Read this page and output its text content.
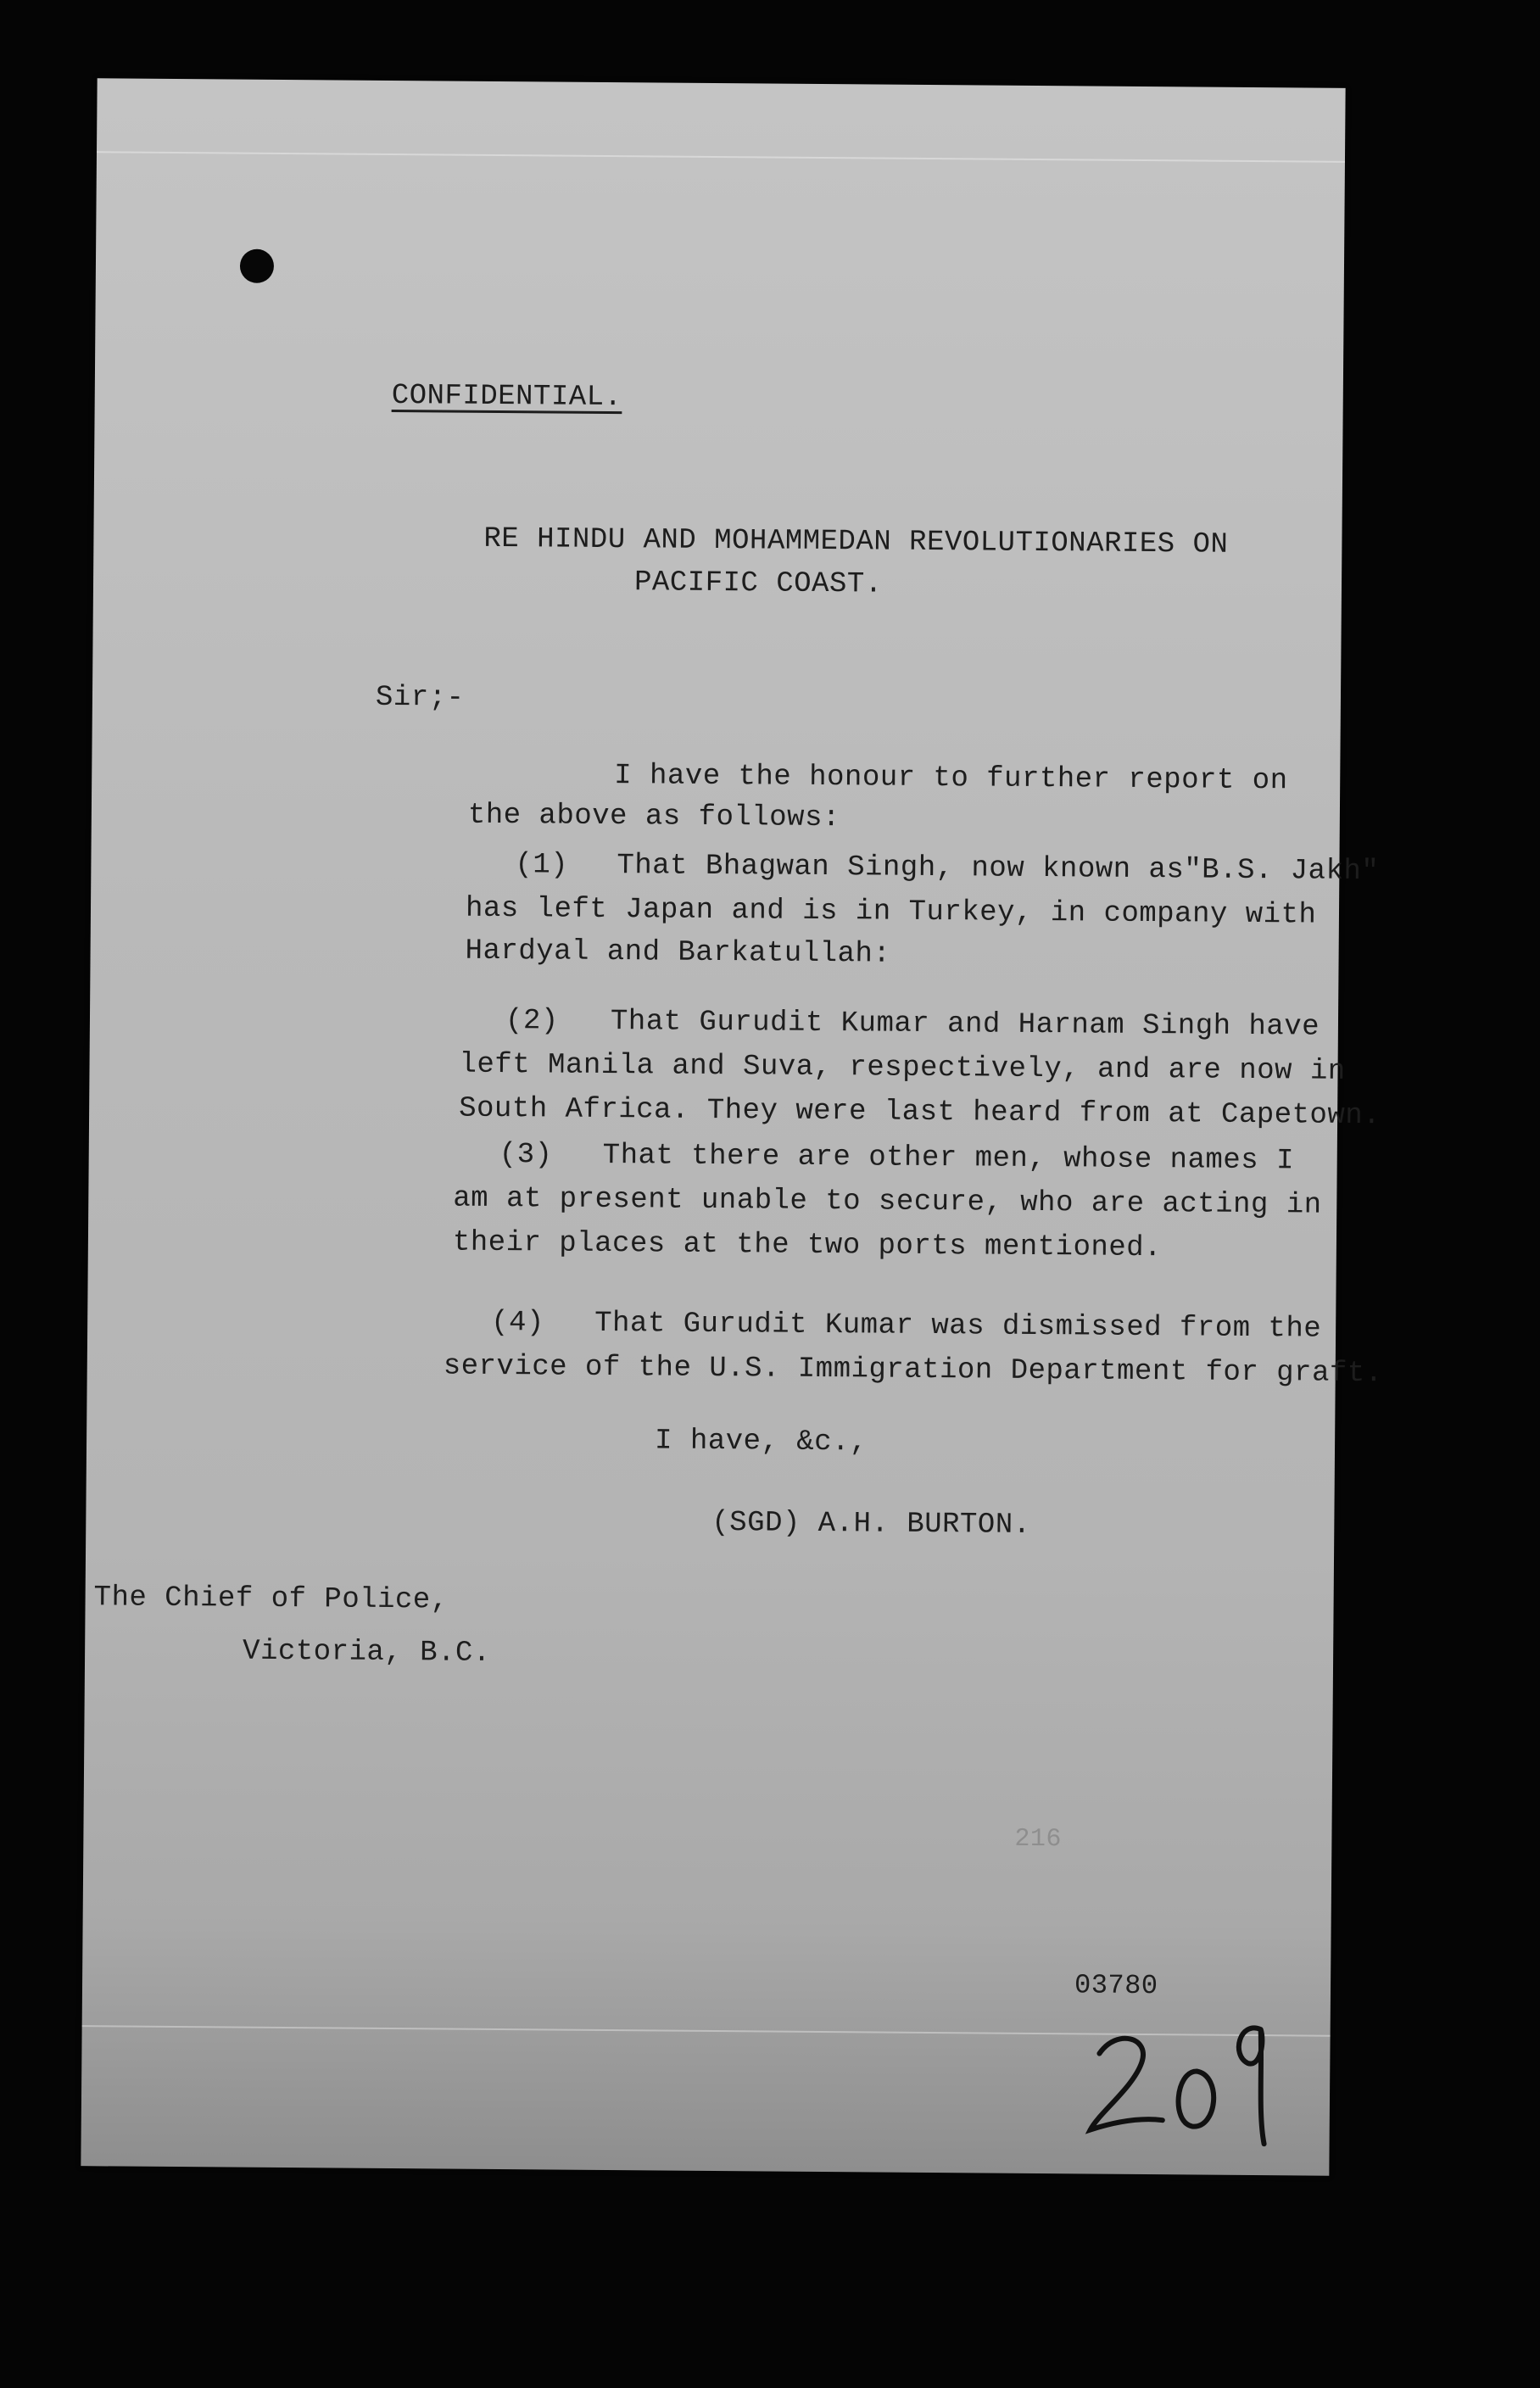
CONFIDENTIAL.

RE HINDU AND MOHAMMEDAN REVOLUTIONARIES ON

PACIFIC COAST.

Sir;-

I have the honour to further report on

the above as follows:

(1) That Bhagwan Singh, now known as"B.S. Jakh"

has left Japan and is in Turkey, in company with

Hardyal and Barkatullah:

(2) That Gurudit Kumar and Harnam Singh have

left Manila and Suva, respectively, and are now in

South Africa. They were last heard from at Capetown.

(3) That there are other men, whose names I

am at present unable to secure, who are acting in

their places at the two ports mentioned.

(4) That Gurudit Kumar was dismissed from the

service of the U.S. Immigration Department for graft.

I have, &c.,

(SGD) A.H. BURTON.

The Chief of Police,

Victoria, B.C.

216

03780
